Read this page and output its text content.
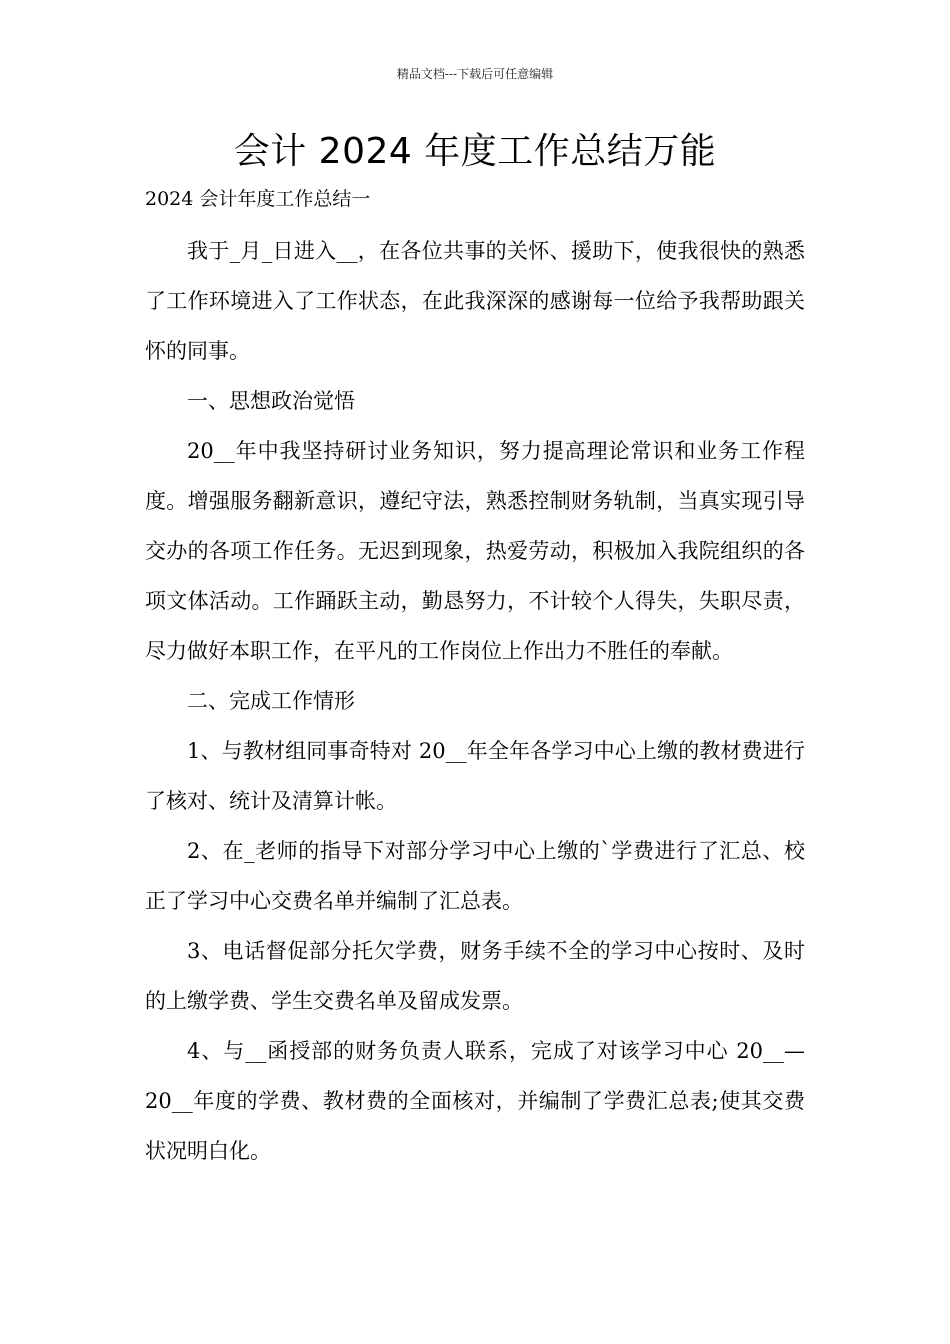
精品文档---下载后可任意编辑
会计 2024 年度工作总结万能
2024 会计年度工作总结一

我于_月_日进入__，在各位共事的关怀、援助下，使我很快的熟悉了工作环境进入了工作状态，在此我深深的感谢每一位给予我帮助跟关怀的同事。

一、思想政治觉悟

20__年中我坚持研讨业务知识，努力提高理论常识和业务工作程度。增强服务翻新意识，遵纪守法，熟悉控制财务轨制，当真实现引导交办的各项工作任务。无迟到现象，热爱劳动，积极加入我院组织的各项文体活动。工作踊跃主动，勤恳努力，不计较个人得失，失职尽责，尽力做好本职工作，在平凡的工作岗位上作出力不胜任的奉献。

二、完成工作情形

1、与教材组同事奇特对 20__年全年各学习中心上缴的教材费进行了核对、统计及清算计帐。

2、在_老师的指导下对部分学习中心上缴的`学费进行了汇总、校正了学习中心交费名单并编制了汇总表。

3、电话督促部分托欠学费，财务手续不全的学习中心按时、及时的上缴学费、学生交费名单及留成发票。

4、与__函授部的财务负责人联系，完成了对该学习中心 20__—20__年度的学费、教材费的全面核对，并编制了学费汇总表;使其交费状况明白化。
